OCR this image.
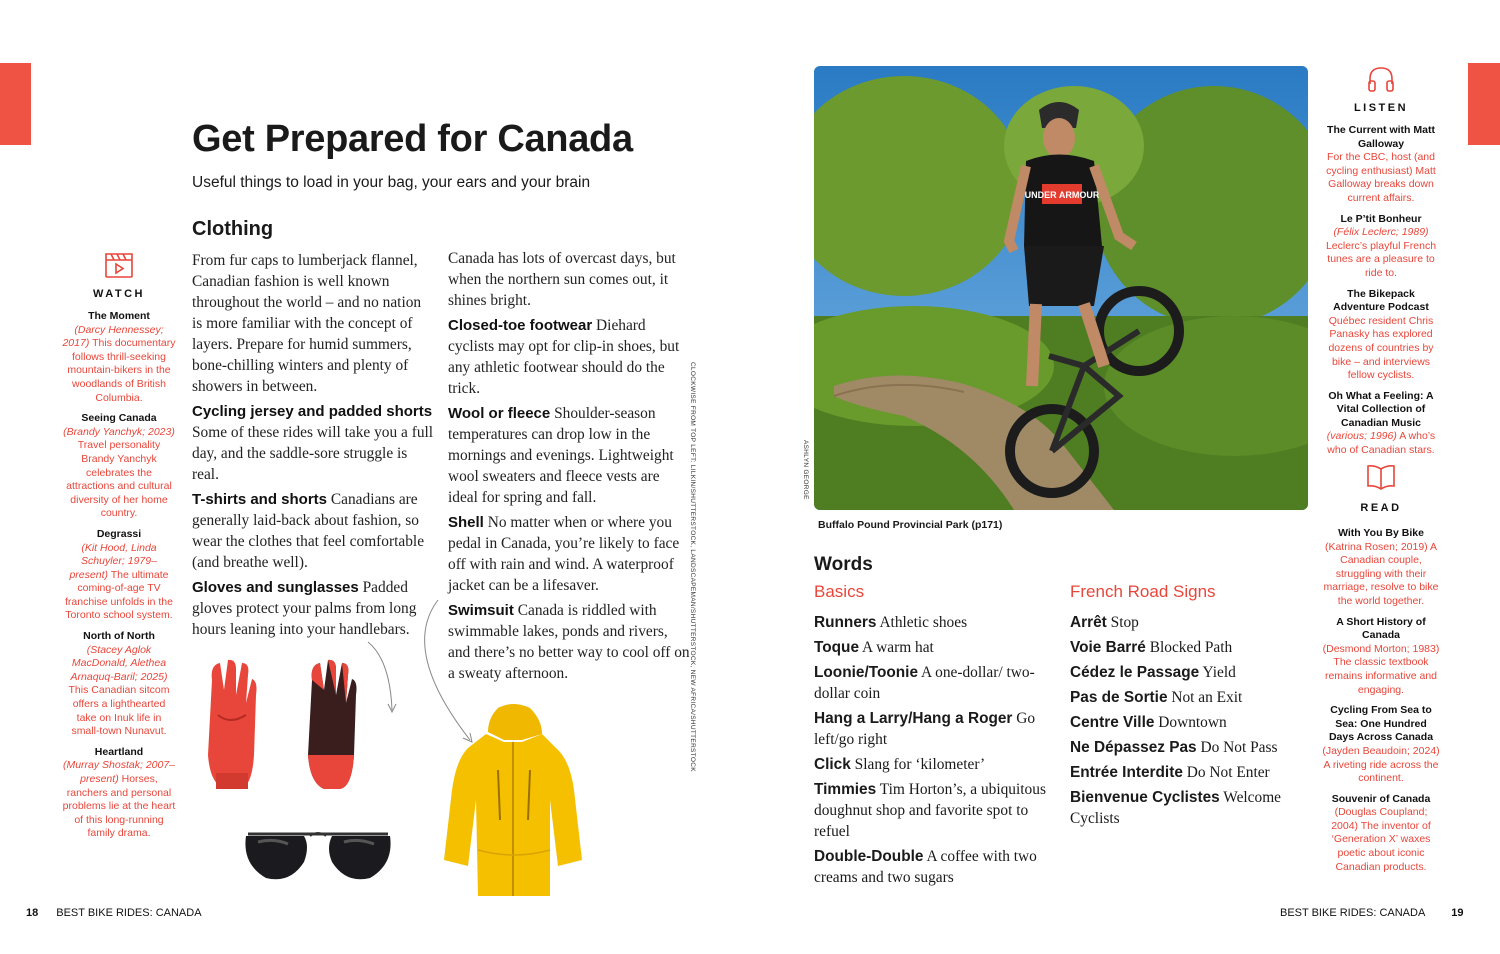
Get Prepared for Canada
Useful things to load in your bag, your ears and your brain
Clothing

From fur caps to lumberjack flannel, Canadian fashion is well known throughout the world – and no nation is more familiar with the concept of layers. Prepare for humid summers, bone-chilling winters and plenty of showers in between.

Cycling jersey and padded shorts Some of these rides will take you a full day, and the saddle-sore struggle is real.

T-shirts and shorts Canadians are generally laid-back about fashion, so wear the clothes that feel comfortable (and breathe well).

Gloves and sunglasses Padded gloves protect your palms from long hours leaning into your handlebars.

Canada has lots of overcast days, but when the northern sun comes out, it shines bright.

Closed-toe footwear Diehard cyclists may opt for clip-in shoes, but any athletic footwear should do the trick.

Wool or fleece Shoulder-season temperatures can drop low in the mornings and evenings. Lightweight wool sweaters and fleece vests are ideal for spring and fall.

Shell No matter when or where you pedal in Canada, you’re likely to face off with rain and wind. A waterproof jacket can be a lifesaver.

Swimsuit Canada is riddled with swimmable lakes, ponds and rivers, and there’s no better way to cool off on a sweaty afternoon.

WATCH
The Moment
(Darcy Hennessey; 2017) This documentary follows thrill-seeking mountain-bikers in the woodlands of British Columbia.
Seeing Canada
(Brandy Yanchyk; 2023) Travel personality Brandy Yanchyk celebrates the attractions and cultural diversity of her home country.
Degrassi
(Kit Hood, Linda Schuyler; 1979–present) The ultimate coming-of-age TV franchise unfolds in the Toronto school system.
North of North
(Stacey Aglok MacDonald, Alethea Arnaquq-Baril; 2025) This Canadian sitcom offers a lighthearted take on Inuk life in small-town Nunavut.
Heartland
(Murray Shostak; 2007–present) Horses, ranchers and personal problems lie at the heart of this long-running family drama.
CLOCKWISE FROM TOP LEFT: LILKIN/SHUTTERSTOCK, LANDSCAPEMAN/SHUTTERSTOCK, NEW AFRICA/SHUTTERSTOCK
UNDER ARMOUR
ASHLYN GEORGE
Buffalo Pound Provincial Park (p171)
LISTEN
The Current with Matt Galloway
For the CBC, host (and cycling enthusiast) Matt Galloway breaks down current affairs.
Le P’tit Bonheur
(Félix Leclerc; 1989) Leclerc’s playful French tunes are a pleasure to ride to.
The Bikepack Adventure Podcast
Québec resident Chris Panasky has explored dozens of countries by bike – and interviews fellow cyclists.
Oh What a Feeling: A Vital Collection of Canadian Music
(various; 1996) A who’s who of Canadian stars.
READ
With You By Bike
(Katrina Rosen; 2019) A Canadian couple, struggling with their marriage, resolve to bike the world together.
A Short History of Canada
(Desmond Morton; 1983) The classic textbook remains informative and engaging.
Cycling From Sea to Sea: One Hundred Days Across Canada
(Jayden Beaudoin; 2024) A riveting ride across the continent.
Souvenir of Canada
(Douglas Coupland; 2004) The inventor of ‘Generation X’ waxes poetic about iconic Canadian products.
Words
Basics	French Road Signs
Runners Athletic shoes
Toque A warm hat
Loonie/Toonie A one-dollar/ two-dollar coin
Hang a Larry/Hang a Roger Go left/go right
Click Slang for ‘kilometer’
Timmies Tim Horton’s, a ubiquitous doughnut shop and favorite spot to refuel
Double-Double A coffee with two creams and two sugars
Arrêt Stop
Voie Barré Blocked Path
Cédez le Passage Yield
Pas de Sortie Not an Exit
Centre Ville Downtown
Ne Dépassez Pas Do Not Pass
Entrée Interdite Do Not Enter
Bienvenue Cyclistes Welcome Cyclists
18 BEST BIKE RIDES: CANADA	BEST BIKE RIDES: CANADA 19
